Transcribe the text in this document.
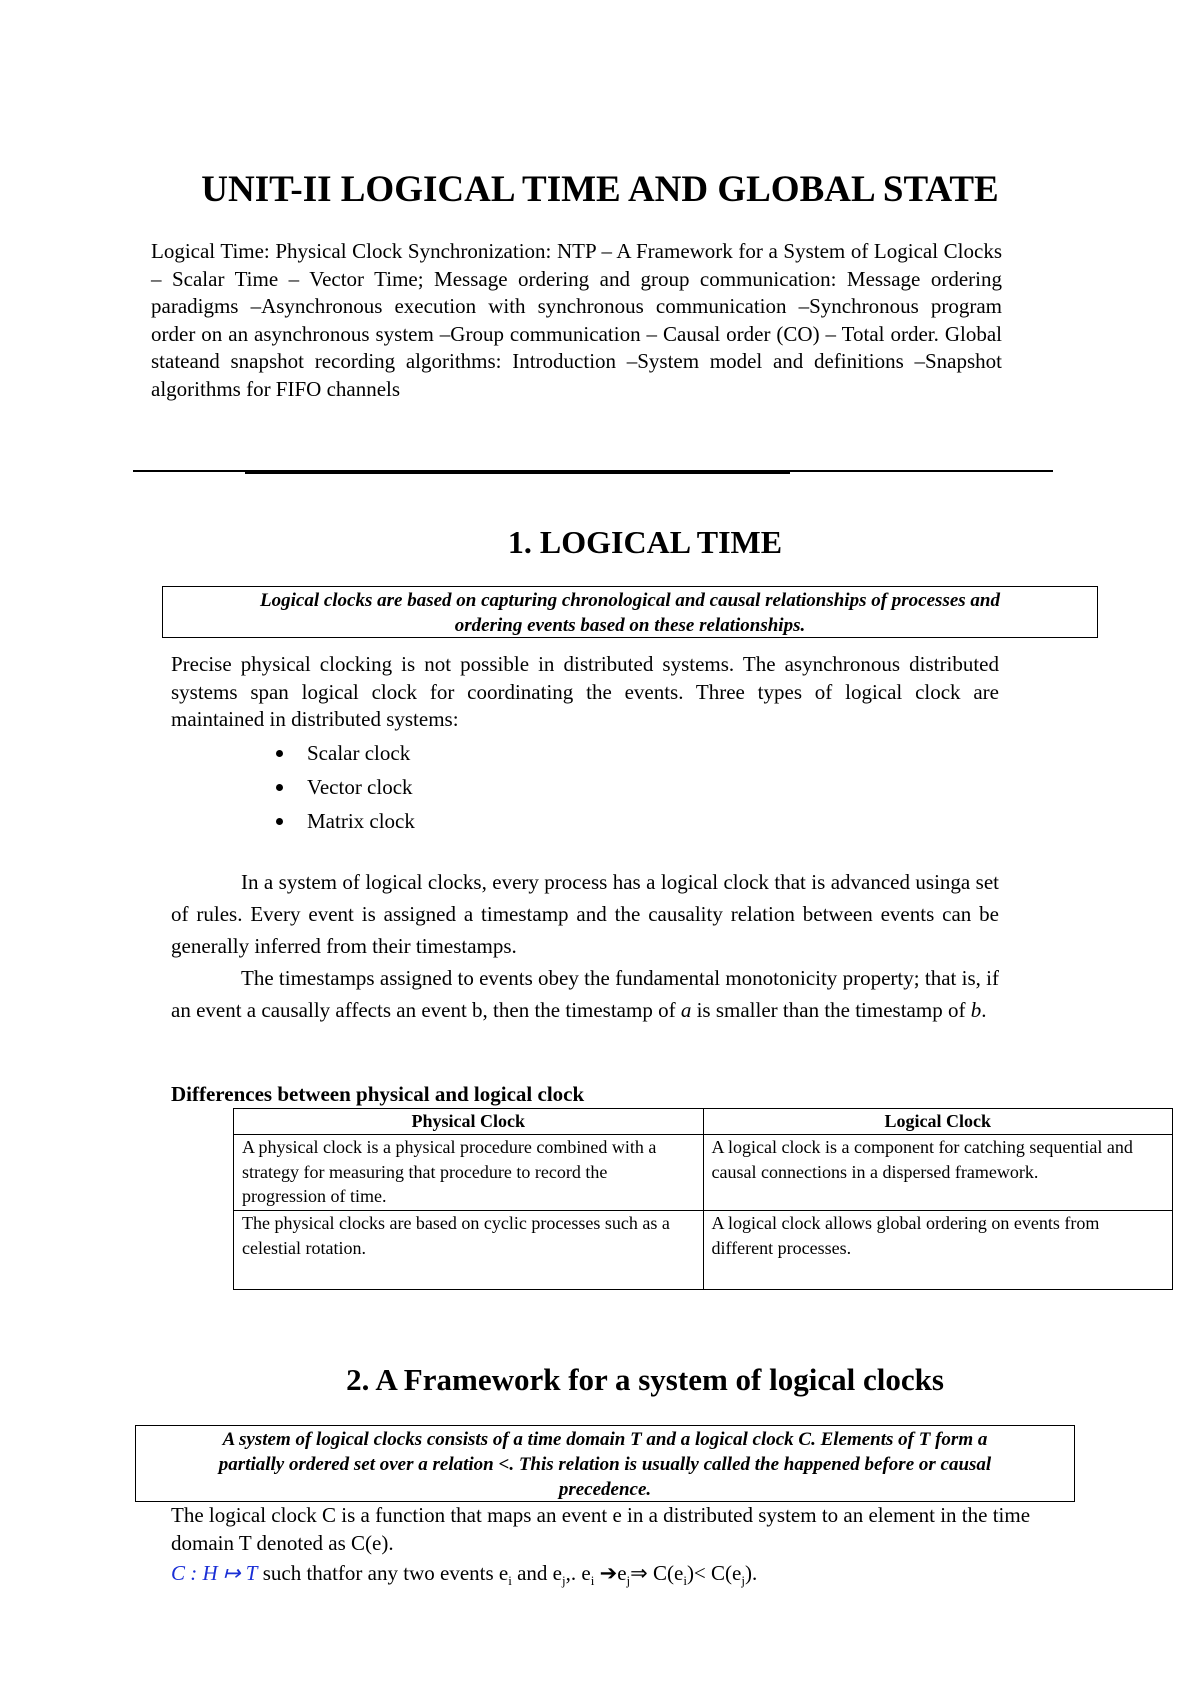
UNIT-II LOGICAL TIME AND GLOBAL STATE
Logical Time: Physical Clock Synchronization: NTP – A Framework for a System of Logical Clocks – Scalar Time – Vector Time; Message ordering and group communication: Message ordering paradigms –Asynchronous execution with synchronous communication –Synchronous program order on an asynchronous system –Group communication – Causal order (CO) – Total order. Global stateand snapshot recording algorithms: Introduction –System model and definitions –Snapshot algorithms for FIFO channels
1. LOGICAL TIME
Logical clocks are based on capturing chronological and causal relationships of processes and
ordering events based on these relationships.
Precise physical clocking is not possible in distributed systems. The asynchronous distributed systems span logical clock for coordinating the events. Three types of logical clock are maintained in distributed systems:
Scalar clock
Vector clock
Matrix clock

In a system of logical clocks, every process has a logical clock that is advanced usinga set of rules. Every event is assigned a timestamp and the causality relation between events can be generally inferred from their timestamps.

The timestamps assigned to events obey the fundamental monotonicity property; that is, if an event a causally affects an event b, then the timestamp of a is smaller than the timestamp of b.

Differences between physical and logical clock
Physical Clock	Logical Clock
A physical clock is a physical procedure combined with a strategy for measuring that procedure to record the progression of time.	A logical clock is a component for catching sequential and causal connections in a dispersed framework.
The physical clocks are based on cyclic processes such as a celestial rotation.	A logical clock allows global ordering on events from different processes.
2. A Framework for a system of logical clocks
A system of logical clocks consists of a time domain T and a logical clock C. Elements of T form a
partially ordered set over a relation <. This relation is usually called the happened before or causal
precedence.
The logical clock C is a function that maps an event e in a distributed system to an element in the time domain T denoted as C(e).
C : H ↦ T such thatfor any two events $e_i$ and $e_j$,. $e_i$ $➔e_j\Rightarrow$ $C(e_i)< C(e_j)$.
